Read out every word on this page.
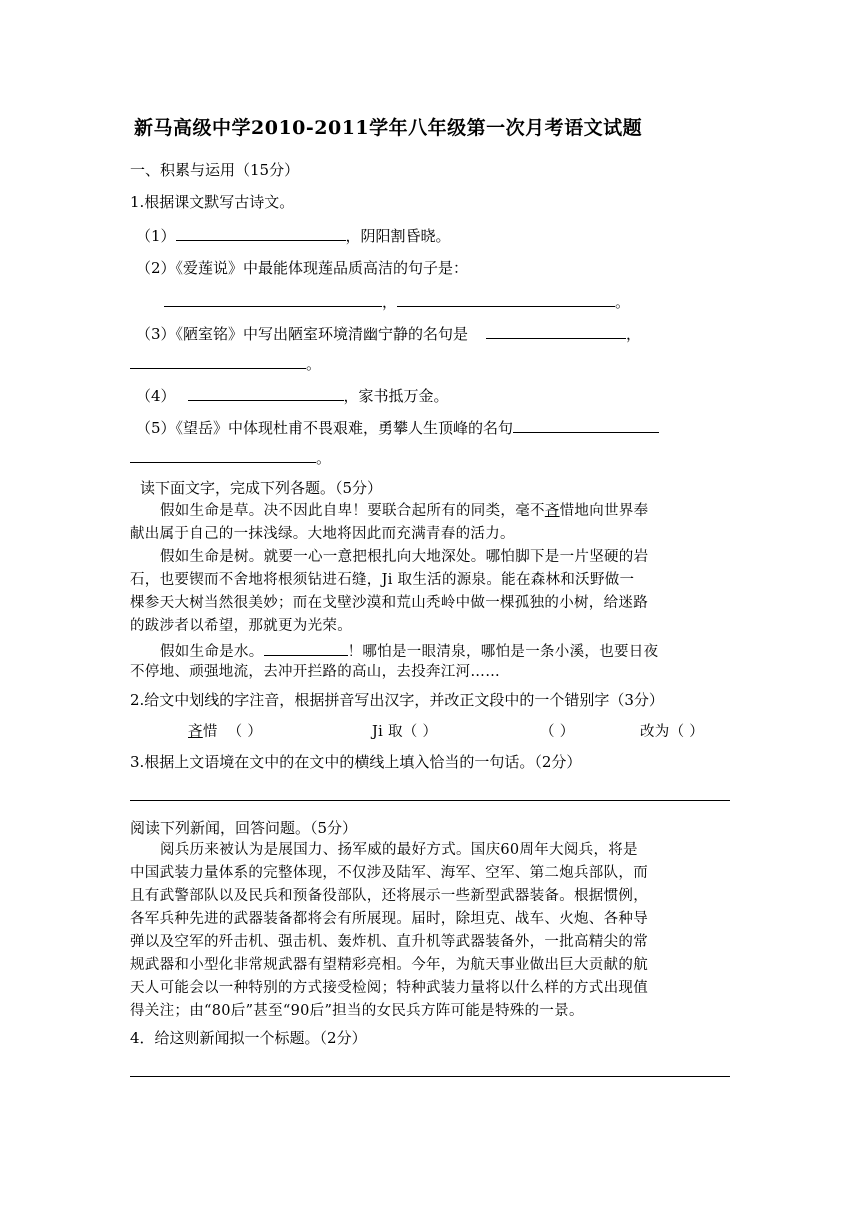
新马高级中学2010-2011学年八年级第一次月考语文试题
一、积累与运用（15分）
1.根据课文默写古诗文。
（1）	，阴阳割昏晓。
（2）《爱莲说》中最能体现莲品质高洁的句子是：
，	。
（3）《陋室铭》中写出陋室环境清幽宁静的名句是	，
。
（4）	，家书抵万金。
（5）《望岳》中体现杜甫不畏艰难，勇攀人生顶峰的名句
。
读下面文字，完成下列各题。（5分）
假如生命是草。决不因此自卑！要联合起所有的同类，毫不吝惜地向世界奉
献出属于自己的一抹浅绿。大地将因此而充满青春的活力。
假如生命是树。就要一心一意把根扎向大地深处。哪怕脚下是一片坚硬的岩
石，也要锲而不舍地将根须钻进石缝，Ji 取生活的源泉。能在森林和沃野做一
棵参天大树当然很美妙；而在戈壁沙漠和荒山秃岭中做一棵孤独的小树，给迷路
的跋涉者以希望，那就更为光荣。
假如生命是水。	！哪怕是一眼清泉，哪怕是一条小溪，也要日夜
不停地、顽强地流，去冲开拦路的高山，去投奔江河……
2.给文中划线的字注音，根据拼音写出汉字，并改正文段中的一个错别字（3分）
吝惜 （ ）	Ji 取（ ）	（ ）	改为（ ）
3.根据上文语境在文中的在文中的横线上填入恰当的一句话。（2分）
阅读下列新闻，回答问题。（5分）
阅兵历来被认为是展国力、扬军威的最好方式。国庆60周年大阅兵，将是
中国武装力量体系的完整体现，不仅涉及陆军、海军、空军、第二炮兵部队，而
且有武警部队以及民兵和预备役部队，还将展示一些新型武器装备。根据惯例，
各军兵种先进的武器装备都将会有所展现。届时，除坦克、战车、火炮、各种导
弹以及空军的歼击机、强击机、轰炸机、直升机等武器装备外，一批高精尖的常
规武器和小型化非常规武器有望精彩亮相。今年，为航天事业做出巨大贡献的航
天人可能会以一种特别的方式接受检阅；特种武装力量将以什么样的方式出现值
得关注；由“80后”甚至“90后”担当的女民兵方阵可能是特殊的一景。
4．给这则新闻拟一个标题。（2分）
